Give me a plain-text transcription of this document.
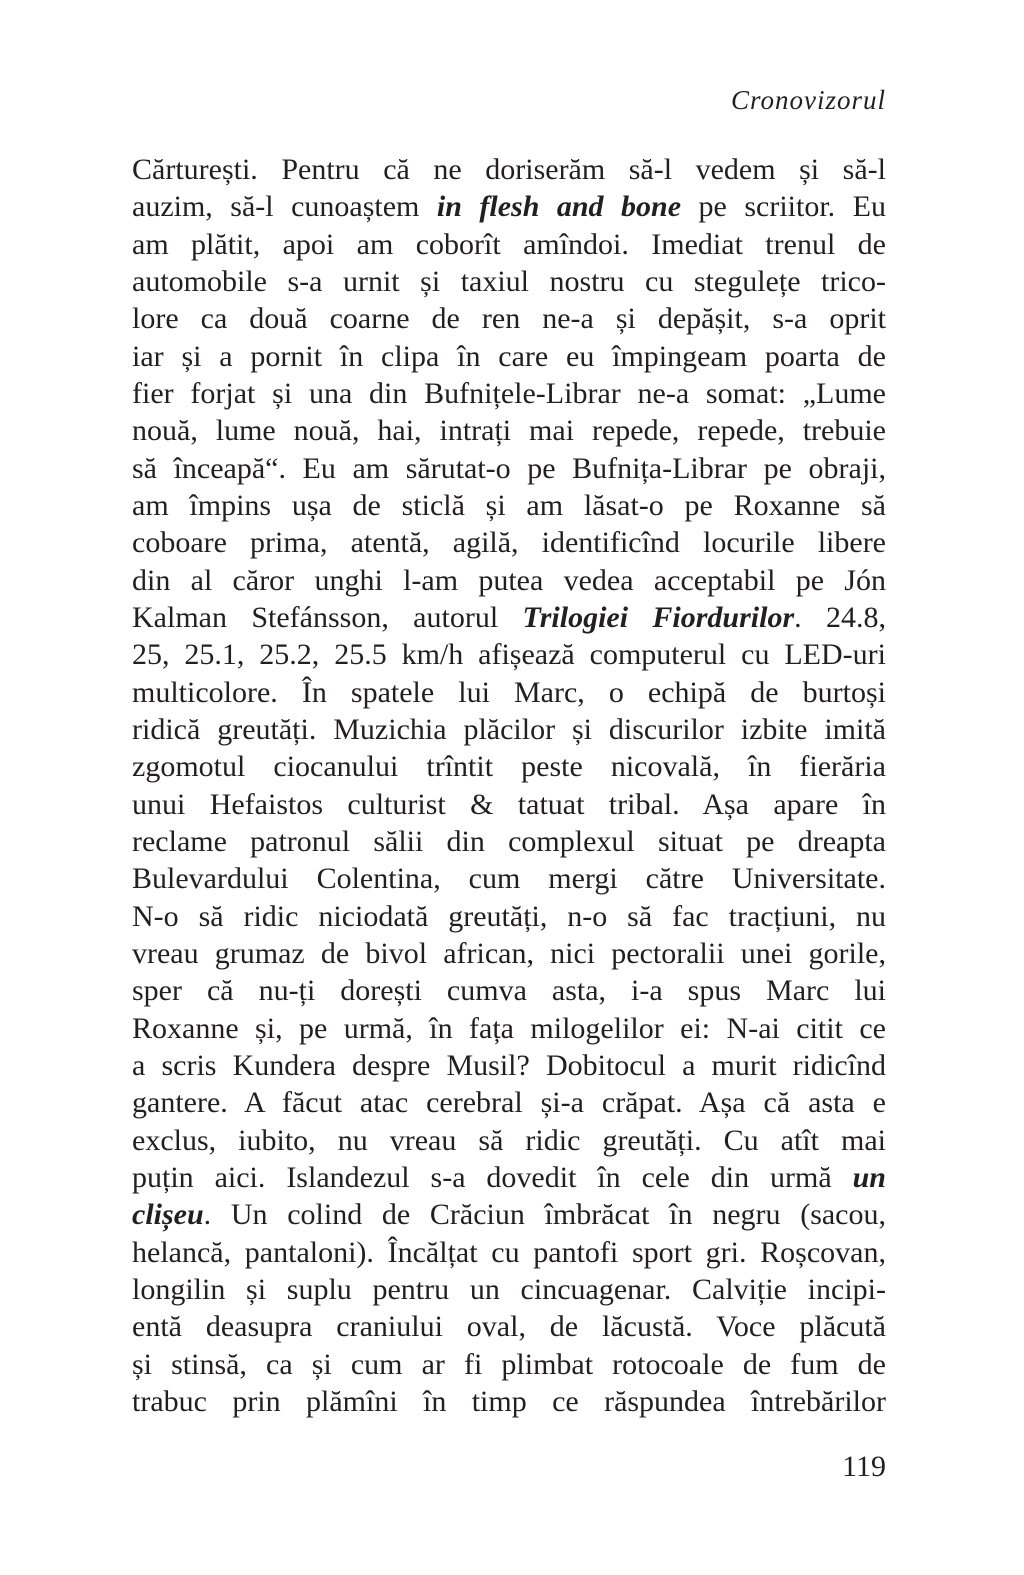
Cronovizorul
Cărturești. Pentru că ne doriserăm să-l vedem și să-l
auzim, să-l cunoaștem in flesh and bone pe scriitor. Eu
am plătit, apoi am coborît amîndoi. Imediat trenul de
automobile s-a urnit și taxiul nostru cu stegulețe trico-
lore ca două coarne de ren ne-a și depășit, s-a oprit
iar și a pornit în clipa în care eu împingeam poarta de
fier forjat și una din Bufnițele-Librar ne-a somat: „Lume
nouă, lume nouă, hai, intrați mai repede, repede, trebuie
să înceapă“. Eu am sărutat-o pe Bufnița-Librar pe obraji,
am împins ușa de sticlă și am lăsat-o pe Roxanne să
coboare prima, atentă, agilă, identificînd locurile libere
din al căror unghi l-am putea vedea acceptabil pe Jón
Kalman Stefánsson, autorul Trilogiei Fiordurilor. 24.8,
25, 25.1, 25.2, 25.5 km/h afișează computerul cu LED-uri
multicolore. În spatele lui Marc, o echipă de burtoși
ridică greutăți. Muzichia plăcilor și discurilor izbite imită
zgomotul ciocanului trîntit peste nicovală, în fierăria
unui Hefaistos culturist & tatuat tribal. Așa apare în
reclame patronul sălii din complexul situat pe dreapta
Bulevardului Colentina, cum mergi către Universitate.
N-o să ridic niciodată greutăți, n-o să fac tracțiuni, nu
vreau grumaz de bivol african, nici pectoralii unei gorile,
sper că nu-ți dorești cumva asta, i-a spus Marc lui
Roxanne și, pe urmă, în fața milogelilor ei: N-ai citit ce
a scris Kundera despre Musil? Dobitocul a murit ridicînd
gantere. A făcut atac cerebral și-a crăpat. Așa că asta e
exclus, iubito, nu vreau să ridic greutăți. Cu atît mai
puțin aici. Islandezul s-a dovedit în cele din urmă un
clișeu. Un colind de Crăciun îmbrăcat în negru (sacou,
helancă, pantaloni). Încălțat cu pantofi sport gri. Roșcovan,
longilin și suplu pentru un cincuagenar. Calviție incipi-
entă deasupra craniului oval, de lăcustă. Voce plăcută
și stinsă, ca și cum ar fi plimbat rotocoale de fum de
trabuc prin plămîni în timp ce răspundea întrebărilor
119
